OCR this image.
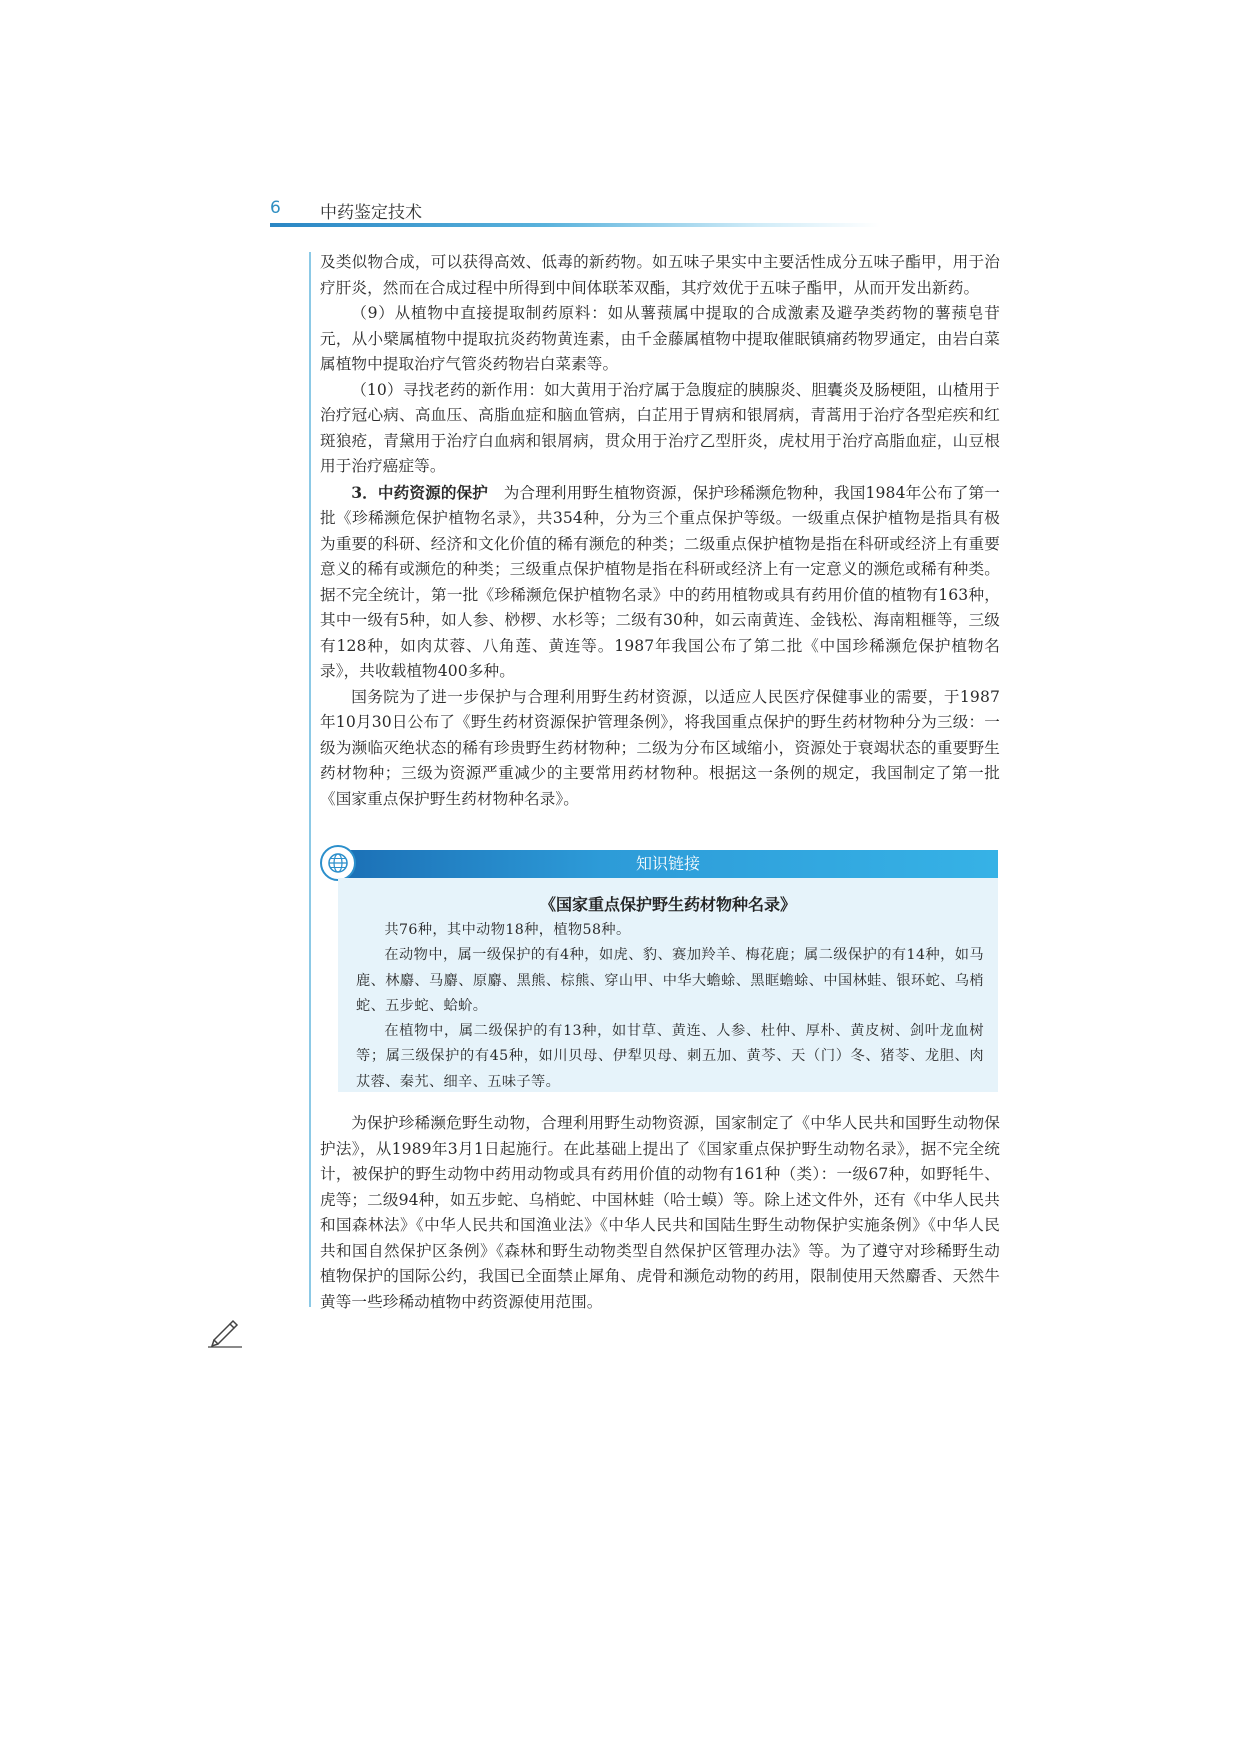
6 中药鉴定技术

及类似物合成，可以获得高效、低毒的新药物。如五味子果实中主要活性成分五味子酯甲，用于治疗肝炎，然而在合成过程中所得到中间体联苯双酯，其疗效优于五味子酯甲，从而开发出新药。

（9）从植物中直接提取制药原料：如从薯蓣属中提取的合成激素及避孕类药物的薯蓣皂苷元，从小檗属植物中提取抗炎药物黄连素，由千金藤属植物中提取催眠镇痛药物罗通定，由岩白菜属植物中提取治疗气管炎药物岩白菜素等。

（10）寻找老药的新作用：如大黄用于治疗属于急腹症的胰腺炎、胆囊炎及肠梗阻，山楂用于治疗冠心病、高血压、高脂血症和脑血管病，白芷用于胃病和银屑病，青蒿用于治疗各型疟疾和红斑狼疮，青黛用于治疗白血病和银屑病，贯众用于治疗乙型肝炎，虎杖用于治疗高脂血症，山豆根用于治疗癌症等。

3．中药资源的保护　 为合理利用野生植物资源，保护珍稀濒危物种，我国1984年公布了第一批《珍稀濒危保护植物名录》，共354种，分为三个重点保护等级。一级重点保护植物是指具有极为重要的科研、经济和文化价值的稀有濒危的种类；二级重点保护植物是指在科研或经济上有重要意义的稀有或濒危的种类；三级重点保护植物是指在科研或经济上有一定意义的濒危或稀有种类。据不完全统计，第一批《珍稀濒危保护植物名录》中的药用植物或具有药用价值的植物有163种，其中一级有5种，如人参、桫椤、水杉等；二级有30种，如云南黄连、金钱松、海南粗榧等，三级有128种，如肉苁蓉、八角莲、黄连等。1987年我国公布了第二批《中国珍稀濒危保护植物名录》，共收载植物400多种。

国务院为了进一步保护与合理利用野生药材资源，以适应人民医疗保健事业的需要，于1987年10月30日公布了《野生药材资源保护管理条例》，将我国重点保护的野生药材物种分为三级：一级为濒临灭绝状态的稀有珍贵野生药材物种；二级为分布区域缩小，资源处于衰竭状态的重要野生药材物种；三级为资源严重减少的主要常用药材物种。根据这一条例的规定，我国制定了第一批《国家重点保护野生药材物种名录》。

知识链接
《国家重点保护野生药材物种名录》

共76种，其中动物18种，植物58种。

在动物中，属一级保护的有4种，如虎、豹、赛加羚羊、梅花鹿；属二级保护的有14种，如马鹿、林麝、马麝、原麝、黑熊、棕熊、穿山甲、中华大蟾蜍、黑眶蟾蜍、中国林蛙、银环蛇、乌梢蛇、五步蛇、蛤蚧。

在植物中，属二级保护的有13种，如甘草、黄连、人参、杜仲、厚朴、黄皮树、剑叶龙血树等；属三级保护的有45种，如川贝母、伊犁贝母、刺五加、黄芩、天（门）冬、猪苓、龙胆、肉苁蓉、秦艽、细辛、五味子等。

为保护珍稀濒危野生动物，合理利用野生动物资源，国家制定了《中华人民共和国野生动物保护法》，从1989年3月1日起施行。在此基础上提出了《国家重点保护野生动物名录》，据不完全统计，被保护的野生动物中药用动物或具有药用价值的动物有161种（类）：一级67种，如野牦牛、虎等；二级94种，如五步蛇、乌梢蛇、中国林蛙（哈士蟆）等。除上述文件外，还有《中华人民共和国森林法》《中华人民共和国渔业法》《中华人民共和国陆生野生动物保护实施条例》《中华人民共和国自然保护区条例》《森林和野生动物类型自然保护区管理办法》等。为了遵守对珍稀野生动植物保护的国际公约，我国已全面禁止犀角、虎骨和濒危动物的药用，限制使用天然麝香、天然牛黄等一些珍稀动植物中药资源使用范围。
